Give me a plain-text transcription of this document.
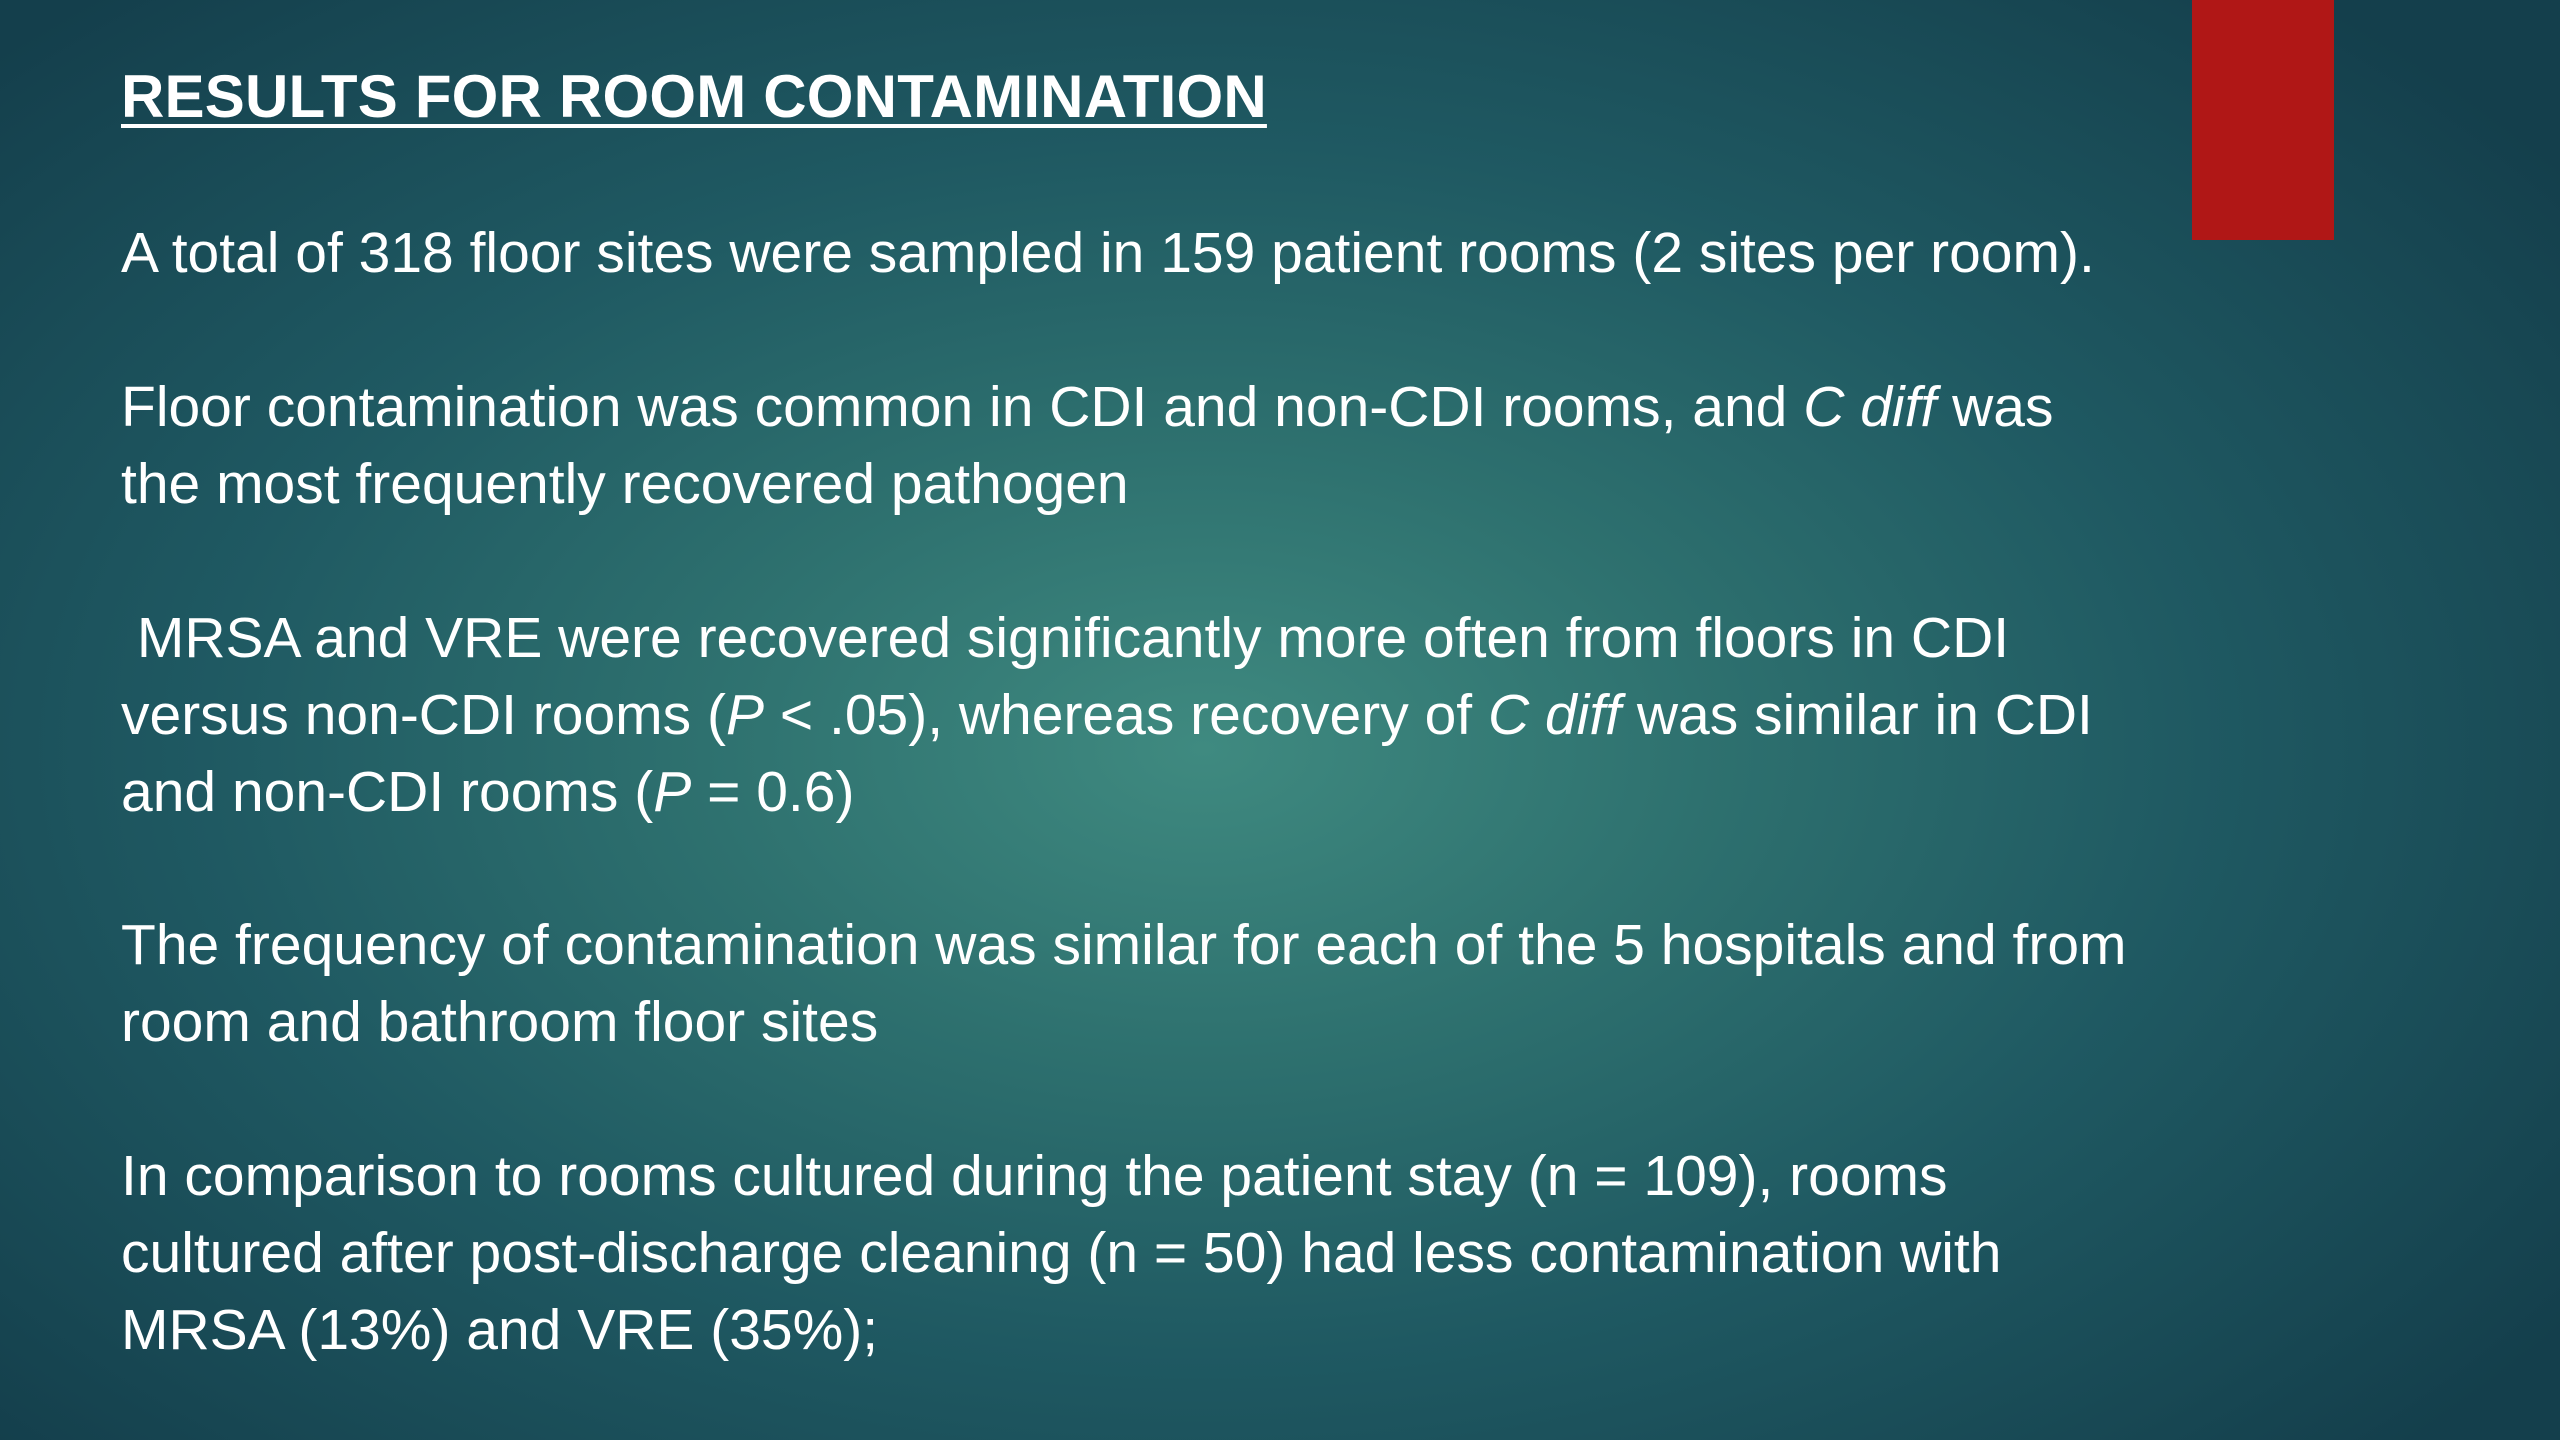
RESULTS FOR ROOM CONTAMINATION

A total of 318 floor sites were sampled in 159 patient rooms (2 sites per room).

Floor contamination was common in CDI and non-CDI rooms, and C diff was
the most frequently recovered pathogen

MRSA and VRE were recovered significantly more often from floors in CDI
versus non-CDI rooms (P < .05), whereas recovery of C diff was similar in CDI
and non-CDI rooms (P = 0.6)

The frequency of contamination was similar for each of the 5 hospitals and from
room and bathroom floor sites

In comparison to rooms cultured during the patient stay (n = 109), rooms
cultured after post-discharge cleaning (n = 50) had less contamination with
MRSA (13%) and VRE (35%);
